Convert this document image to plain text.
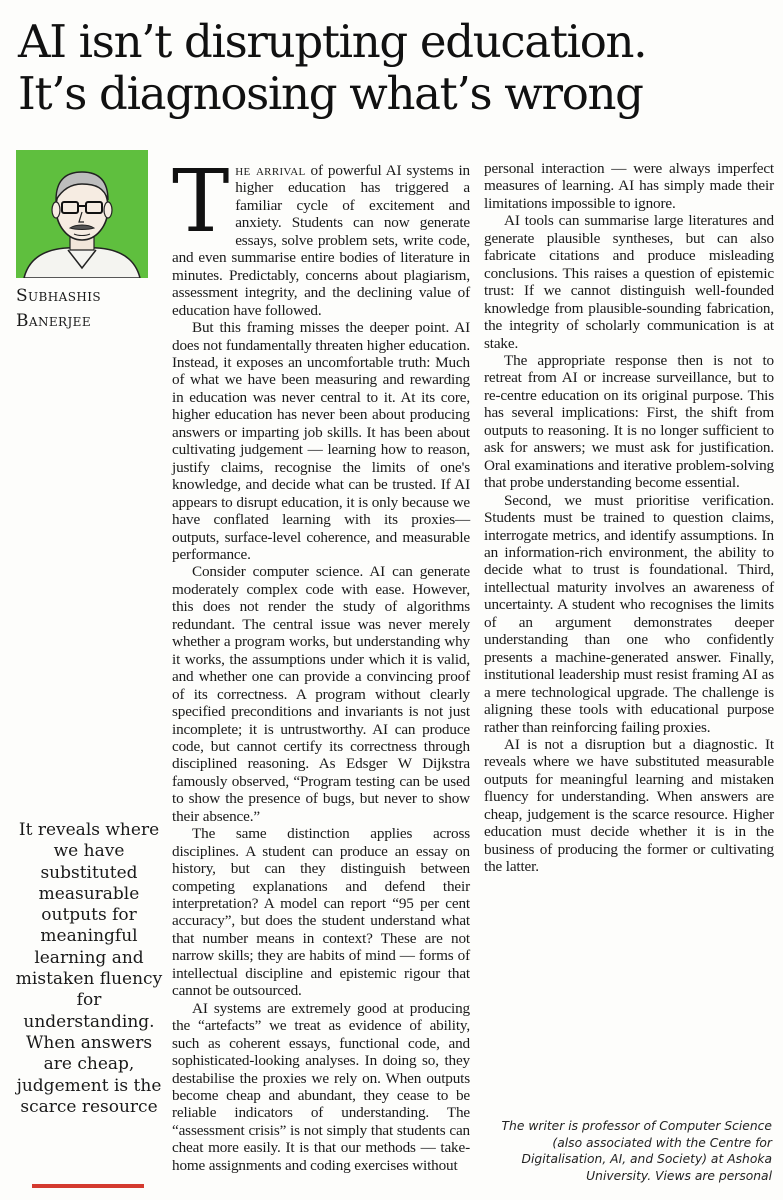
AI isn’t disrupting education.
It’s diagnosing what’s wrong
Subhashis
Banerjee
It reveals where we have substituted measurable outputs for meaningful learning and mistaken fluency for understanding. When answers are cheap, judgement is the scarce resource

The arrival of powerful AI systems in higher education has triggered a familiar cycle of excitement and anxiety. Students can now generate essays, solve problem sets, write code, and even summarise entire bodies of literature in minutes. Predictably, concerns about plagiarism, assessment integrity, and the declining value of education have followed.

But this framing misses the deeper point. AI does not fundamentally threaten higher education. Instead, it exposes an uncomfortable truth: Much of what we have been measuring and rewarding in education was never central to it. At its core, higher education has never been about producing answers or imparting job skills. It has been about cultivating judgement — learning how to reason, justify claims, recognise the limits of one's knowledge, and decide what can be trusted. If AI appears to disrupt education, it is only because we have conflated learning with its proxies— outputs, surface-level coherence, and measurable performance.

Consider computer science. AI can generate moderately complex code with ease. However, this does not render the study of algorithms redundant. The central issue was never merely whether a program works, but understanding why it works, the assumptions under which it is valid, and whether one can provide a convincing proof of its correctness. A program without clearly specified preconditions and invariants is not just incomplete; it is untrustworthy. AI can produce code, but cannot certify its correctness through disciplined reasoning. As Edsger W Dijkstra famously observed, “Program testing can be used to show the presence of bugs, but never to show their absence.”

The same distinction applies across disciplines. A student can produce an essay on history, but can they distinguish between competing explanations and defend their interpretation? A model can report “95 per cent accuracy”, but does the student understand what that number means in context? These are not narrow skills; they are habits of mind — forms of intellectual discipline and epistemic rigour that cannot be outsourced.

AI systems are extremely good at producing the “artefacts” we treat as evidence of ability, such as coherent essays, functional code, and sophisticated-looking analyses. In doing so, they destabilise the proxies we rely on. When outputs become cheap and abundant, they cease to be reliable indicators of understanding. The “assessment crisis” is not simply that students can cheat more easily. It is that our methods — take-home assignments and coding exercises without

personal interaction — were always imperfect measures of learning. AI has simply made their limitations impossible to ignore.

AI tools can summarise large literatures and generate plausible syntheses, but can also fabricate citations and produce misleading conclusions. This raises a question of epistemic trust: If we cannot distinguish well-founded knowledge from plausible-sounding fabrication, the integrity of scholarly communication is at stake.

The appropriate response then is not to retreat from AI or increase surveillance, but to re-centre education on its original purpose. This has several implications: First, the shift from outputs to reasoning. It is no longer sufficient to ask for answers; we must ask for justification. Oral examinations and iterative problem-solving that probe understanding become essential.

Second, we must prioritise verification. Students must be trained to question claims, interrogate metrics, and identify assumptions. In an information-rich environment, the ability to decide what to trust is foundational. Third, intellectual maturity involves an awareness of uncertainty. A student who recognises the limits of an argument demonstrates deeper understanding than one who confidently presents a machine-generated answer. Finally, institutional leadership must resist framing AI as a mere technological upgrade. The challenge is aligning these tools with educational purpose rather than reinforcing failing proxies.

AI is not a disruption but a diagnostic. It reveals where we have substituted measurable outputs for meaningful learning and mistaken fluency for understanding. When answers are cheap, judgement is the scarce resource. Higher education must decide whether it is in the business of producing the former or cultivating the latter.

The writer is professor of Computer Science (also associated with the Centre for Digitalisation, AI, and Society) at Ashoka University. Views are personal
